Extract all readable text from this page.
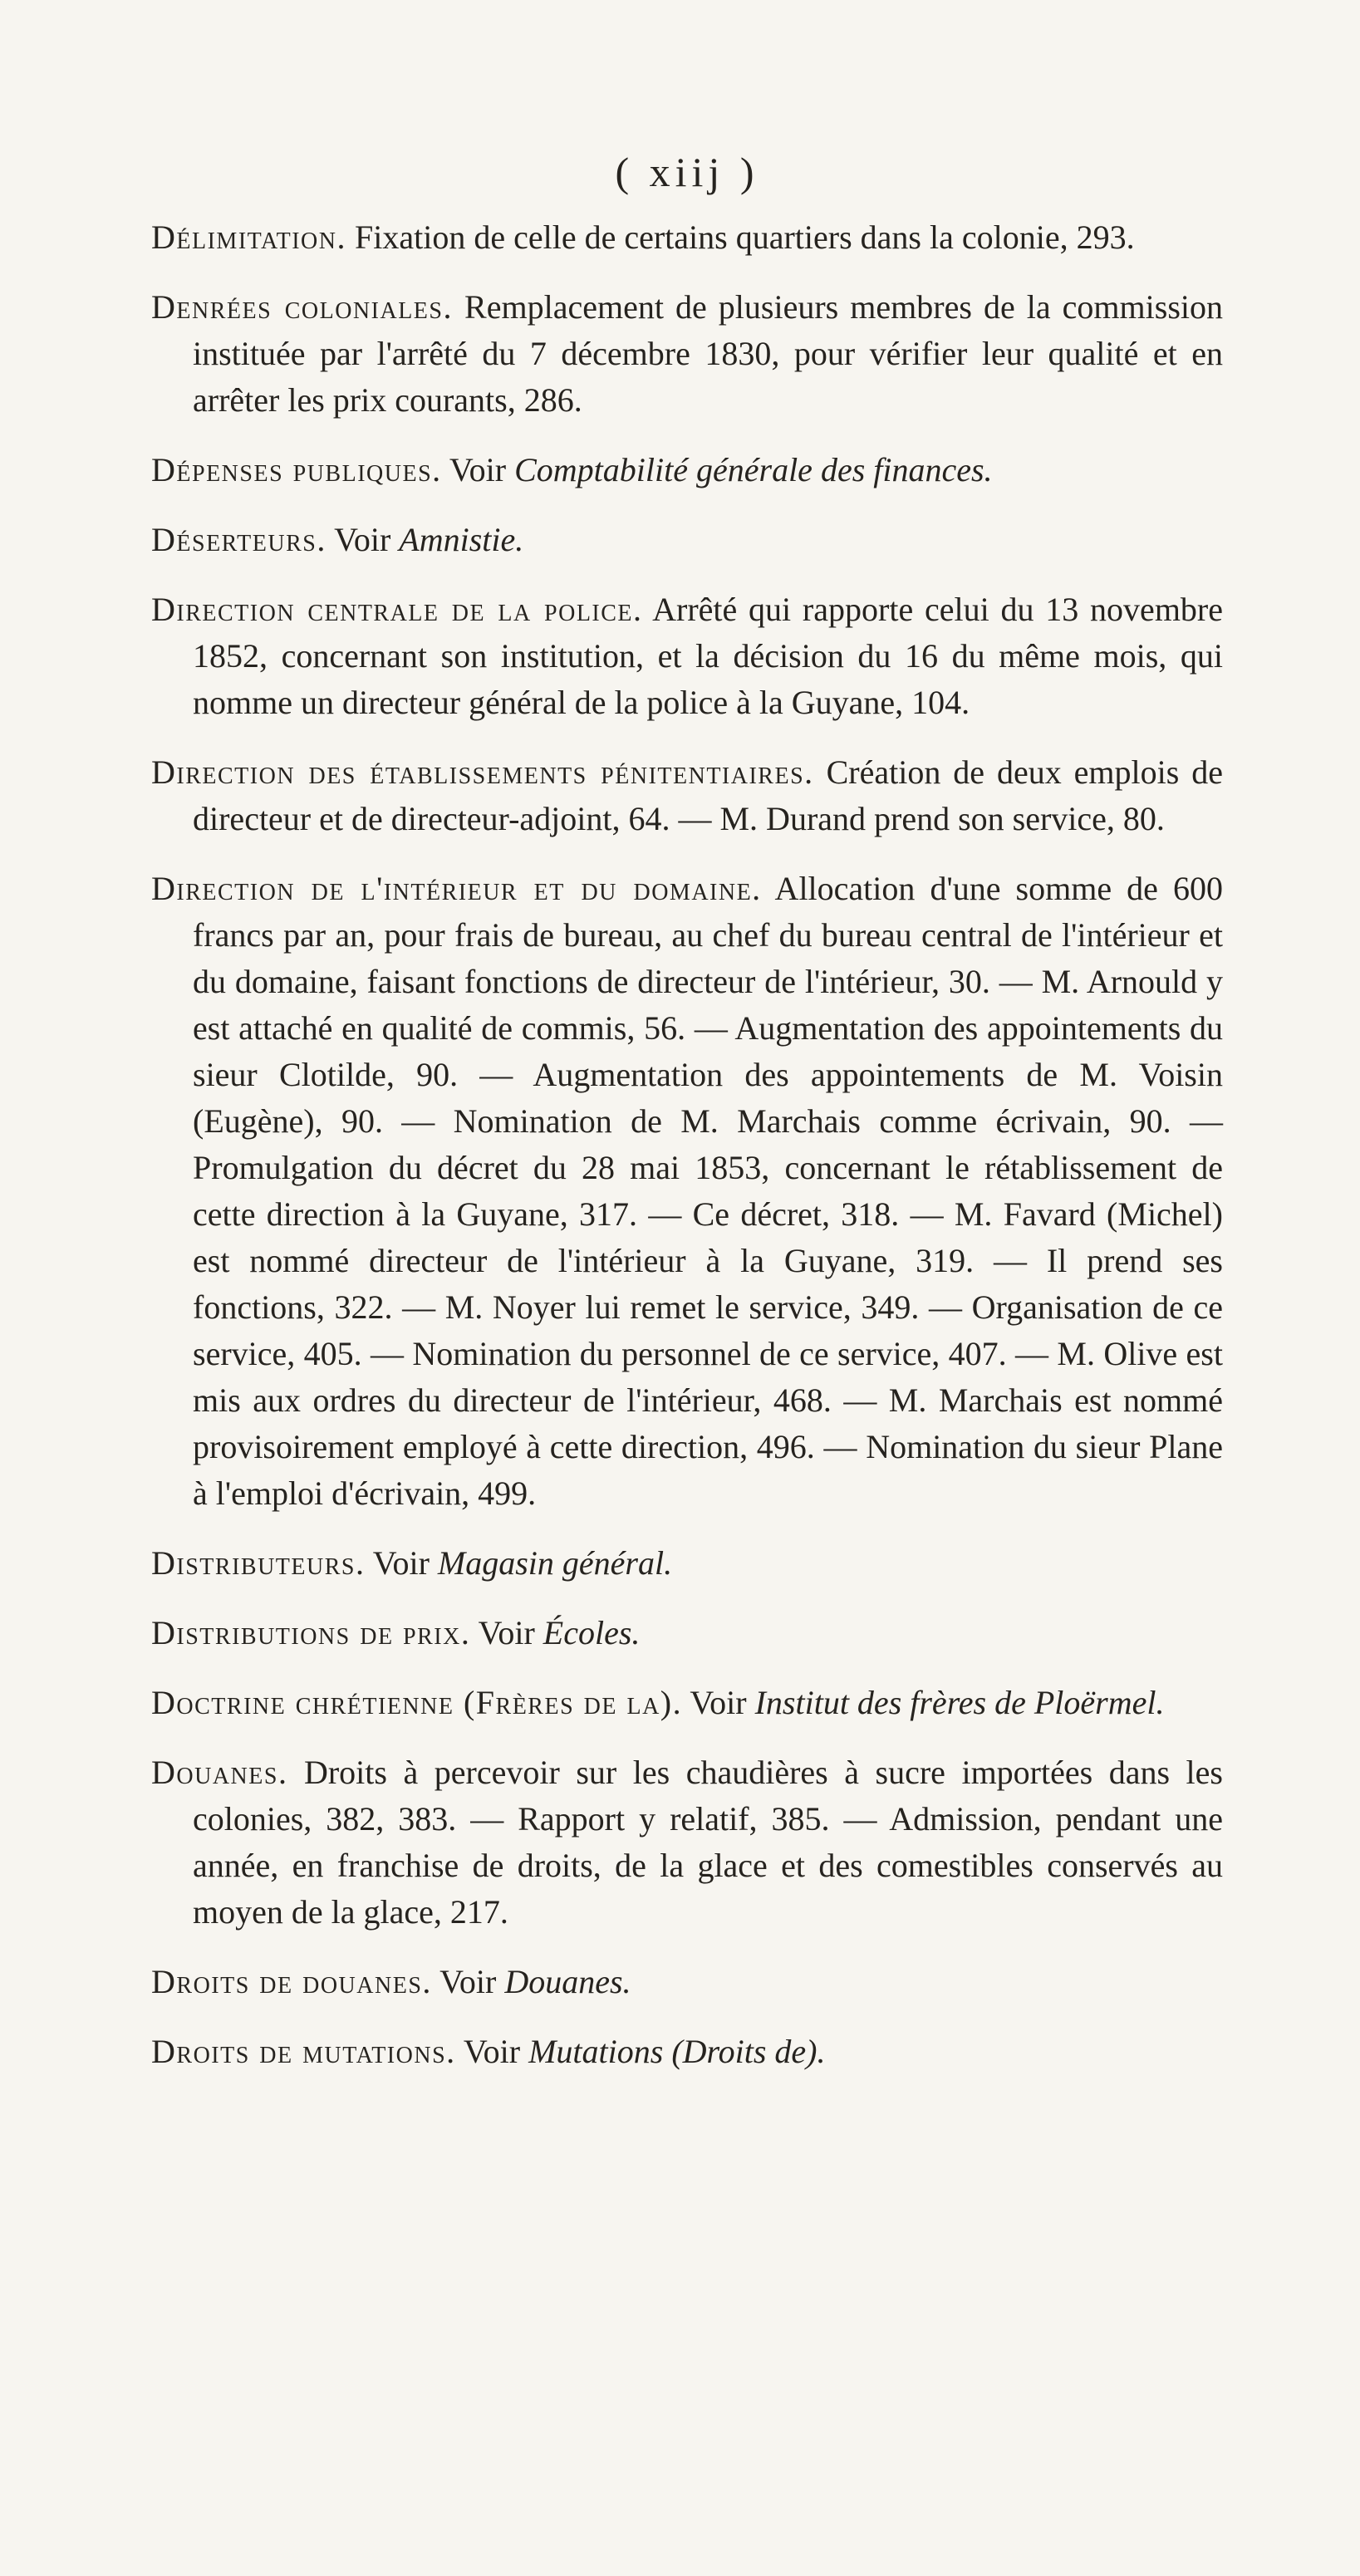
( xiij )

Délimitation. Fixation de celle de certains quartiers dans la colonie, 293.

Denrées coloniales. Remplacement de plusieurs membres de la commission instituée par l'arrêté du 7 décembre 1830, pour vérifier leur qualité et en arrêter les prix courants, 286.

Dépenses publiques. Voir Comptabilité générale des finances.

Déserteurs. Voir Amnistie.

Direction centrale de la police. Arrêté qui rapporte celui du 13 novembre 1852, concernant son institution, et la décision du 16 du même mois, qui nomme un directeur général de la police à la Guyane, 104.

Direction des établissements pénitentiaires. Création de deux emplois de directeur et de directeur-adjoint, 64. — M. Durand prend son service, 80.

Direction de l'intérieur et du domaine. Allocation d'une somme de 600 francs par an, pour frais de bureau, au chef du bureau central de l'intérieur et du domaine, faisant fonctions de directeur de l'intérieur, 30. — M. Arnould y est attaché en qualité de commis, 56. — Augmentation des appointements du sieur Clotilde, 90. — Augmentation des appointements de M. Voisin (Eugène), 90. — Nomination de M. Marchais comme écrivain, 90. — Promulgation du décret du 28 mai 1853, concernant le rétablissement de cette direction à la Guyane, 317. — Ce décret, 318. — M. Favard (Michel) est nommé directeur de l'intérieur à la Guyane, 319. — Il prend ses fonctions, 322. — M. Noyer lui remet le service, 349. — Organisation de ce service, 405. — Nomination du personnel de ce service, 407. — M. Olive est mis aux ordres du directeur de l'intérieur, 468. — M. Marchais est nommé provisoirement employé à cette direction, 496. — Nomination du sieur Plane à l'emploi d'écrivain, 499.

Distributeurs. Voir Magasin général.

Distributions de prix. Voir Écoles.

Doctrine chrétienne (Frères de la). Voir Institut des frères de Ploërmel.

Douanes. Droits à percevoir sur les chaudières à sucre importées dans les colonies, 382, 383. — Rapport y relatif, 385. — Admission, pendant une année, en franchise de droits, de la glace et des comestibles conservés au moyen de la glace, 217.

Droits de douanes. Voir Douanes.

Droits de mutations. Voir Mutations (Droits de).
